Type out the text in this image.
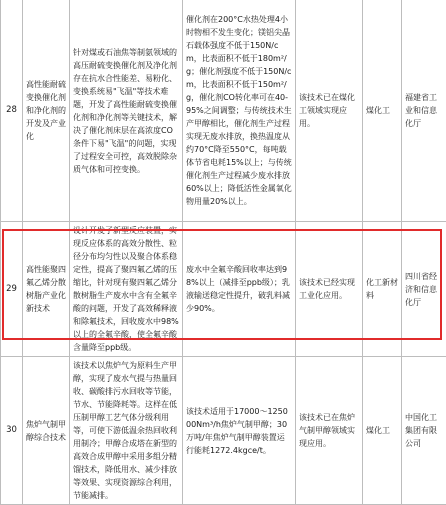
28	高性能耐硫变换催化剂和净化剂的开发及产业化	针对煤或石油焦等制氨领域的高压耐硫变换催化剂及净化剂存在抗水合性能差、易粉化、变换系统易"飞温"等技术难题，开发了高性能耐硫变换催化剂和净化剂等关键技术，解决了催化剂床层在高浓度CO条件下易"飞温"的问题，实现了过程安全可控，高效脱除杂质气体和可控变换。	催化剂在200°C水热处理4小时物相不发生变化；镁铝尖晶石载体强度不低于150N/cm，比表面积不低于180m²/g；催化剂强度不低于150N/cm，比表面积不低于150m²/g，催化剂CO转化率可在40-95%之间调整；与传统技术生产甲醇相比，催化剂生产过程实现无废水排放，换热温度从约70°C降至550°C，每吨载体节省电耗15%以上；与传统催化剂生产过程减少废水排放60%以上；降低活性金属氧化物用量20%以上。	该技术已在煤化工领域实现应用。	煤化工	福建省工业和信息化厅
29	高性能聚四氟乙烯分散树脂产业化新技术	设计开发了新型反应装置，实现反应体系的高效分散性、粒径分布均匀性以及聚合体系稳定性，提高了聚四氟乙烯的压缩比，针对现有聚四氟乙烯分散树脂生产废水中含有全氟辛酸的问题，开发了高效稀释液和除氟技术，回收废水中98%以上的全氟辛酸，使全氟辛酸含量降至ppb级。	废水中全氟辛酸回收率达到98%以上（减排至ppb级）；乳液输送稳定性提升，破乳料减少90%。	该技术已经实现工业化应用。	化工新材料	四川省经济和信息化厅
30	焦炉气制甲醇综合技术	该技术以焦炉气为原料生产甲醇，实现了废水气提与热量回收、碳酸排污水回收等节能，节水、节能降耗等。这样在低压制甲醇工艺气体分级利用等，可使下游低温余热回收利用制冷；甲醇合成塔在新型的高效合成甲醇中采用多组分精馏技术，降低用水、减少排放等效果、实现资源综合利用，节能减排。	该技术适用于17000～125000Nm³/h焦炉气制甲醇；30万吨/年焦炉气制甲醇装置运行能耗1272.4kgce/t。	该技术已在焦炉气制甲醇领域实现应用。	煤化工	中国化工集团有限公司
